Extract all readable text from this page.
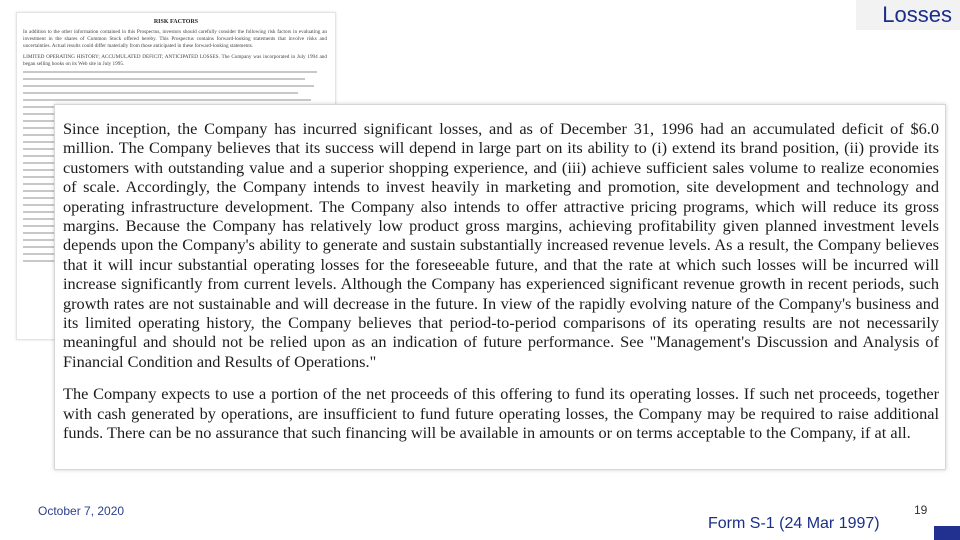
Losses
RISK FACTORS
In addition to the other information contained in this Prospectus, investors should carefully consider the following risk factors in evaluating an investment in the shares of Common Stock offered hereby. This Prospectus contains forward-looking statements that involve risks and uncertainties. Actual results could differ materially from those anticipated in these forward-looking statements.
LIMITED OPERATING HISTORY; ACCUMULATED DEFICIT; ANTICIPATED LOSSES. The Company was incorporated in July 1994 and began selling books on its Web site in July 1995.

Since inception, the Company has incurred significant losses, and as of December 31, 1996 had an accumulated deficit of $6.0 million. The Company believes that its success will depend in large part on its ability to (i) extend its brand position, (ii) provide its customers with outstanding value and a superior shopping experience, and (iii) achieve sufficient sales volume to realize economies of scale. Accordingly, the Company intends to invest heavily in marketing and promotion, site development and technology and operating infrastructure development. The Company also intends to offer attractive pricing programs, which will reduce its gross margins. Because the Company has relatively low product gross margins, achieving profitability given planned investment levels depends upon the Company's ability to generate and sustain substantially increased revenue levels. As a result, the Company believes that it will incur substantial operating losses for the foreseeable future, and that the rate at which such losses will be incurred will increase significantly from current levels. Although the Company has experienced significant revenue growth in recent periods, such growth rates are not sustainable and will decrease in the future. In view of the rapidly evolving nature of the Company's business and its limited operating history, the Company believes that period-to-period comparisons of its operating results are not necessarily meaningful and should not be relied upon as an indication of future performance. See "Management's Discussion and Analysis of Financial Condition and Results of Operations."

The Company expects to use a portion of the net proceeds of this offering to fund its operating losses. If such net proceeds, together with cash generated by operations, are insufficient to fund future operating losses, the Company may be required to raise additional funds. There can be no assurance that such financing will be available in amounts or on terms acceptable to the Company, if at all.

October 7, 2020
Form S-1 (24 Mar 1997)
19
